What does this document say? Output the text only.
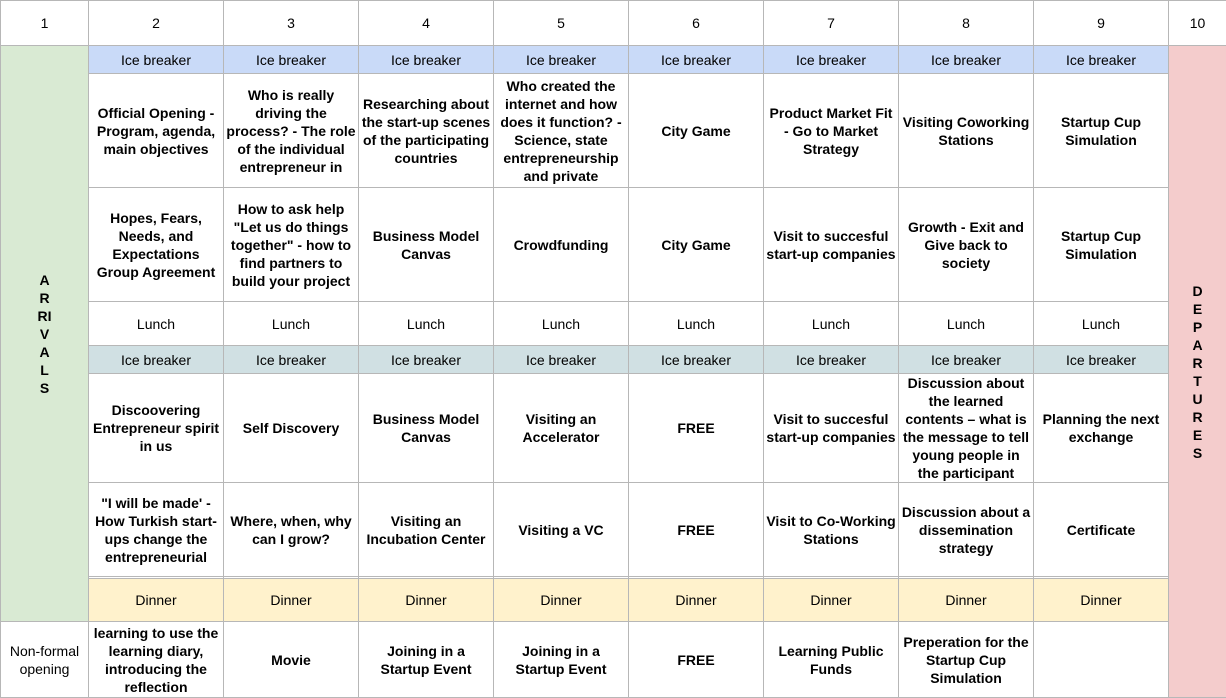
1	2	3	4	5	6	7	8	9	10
ARRIVALS	Ice breaker	Ice breaker	Ice breaker	Ice breaker	Ice breaker	Ice breaker	Ice breaker	Ice breaker	DEPARTURES

	Official Opening - Program, agenda, main objectives	Who is really driving the process? - The role of the individual entrepreneur in	Researching about the start-up scenes of the participating countries	Who created the internet and how does it function? - Science, state entrepreneurship and private	City Game	Product Market Fit - Go to Market Strategy	Visiting Coworking Stations	Startup Cup Simulation	

	Hopes, Fears, Needs, and Expectations Group Agreement	How to ask help "Let us do things together" - how to find partners to build your project	Business Model Canvas	Crowdfunding	City Game	Visit to succesful start-up companies	Growth - Exit and Give back to society	Startup Cup Simulation	

	Lunch	Lunch	Lunch	Lunch	Lunch	Lunch	Lunch	Lunch	

	Ice breaker	Ice breaker	Ice breaker	Ice breaker	Ice breaker	Ice breaker	Ice breaker	Ice breaker	

	Discoovering Entrepreneur spirit in us	Self Discovery	Business Model Canvas	Visiting an Accelerator	FREE	Visit to succesful start-up companies	Discussion about the learned contents – what is the message to tell young people in the participant	Planning the next exchange	

	"I will be made' - How Turkish start-ups change the entrepreneurial	Where, when, why can I grow?	Visiting an Incubation Center	Visiting a VC	FREE	Visit to Co-Working Stations	Discussion about a dissemination strategy	Certificate	

	Dinner	Dinner	Dinner	Dinner	Dinner	Dinner	Dinner	Dinner	

Non-formal opening	learning to use the learning diary, introducing the reflection	Movie	Joining in a Startup Event	Joining in a Startup Event	FREE	Learning Public Funds	Preperation for the Startup Cup Simulation		
